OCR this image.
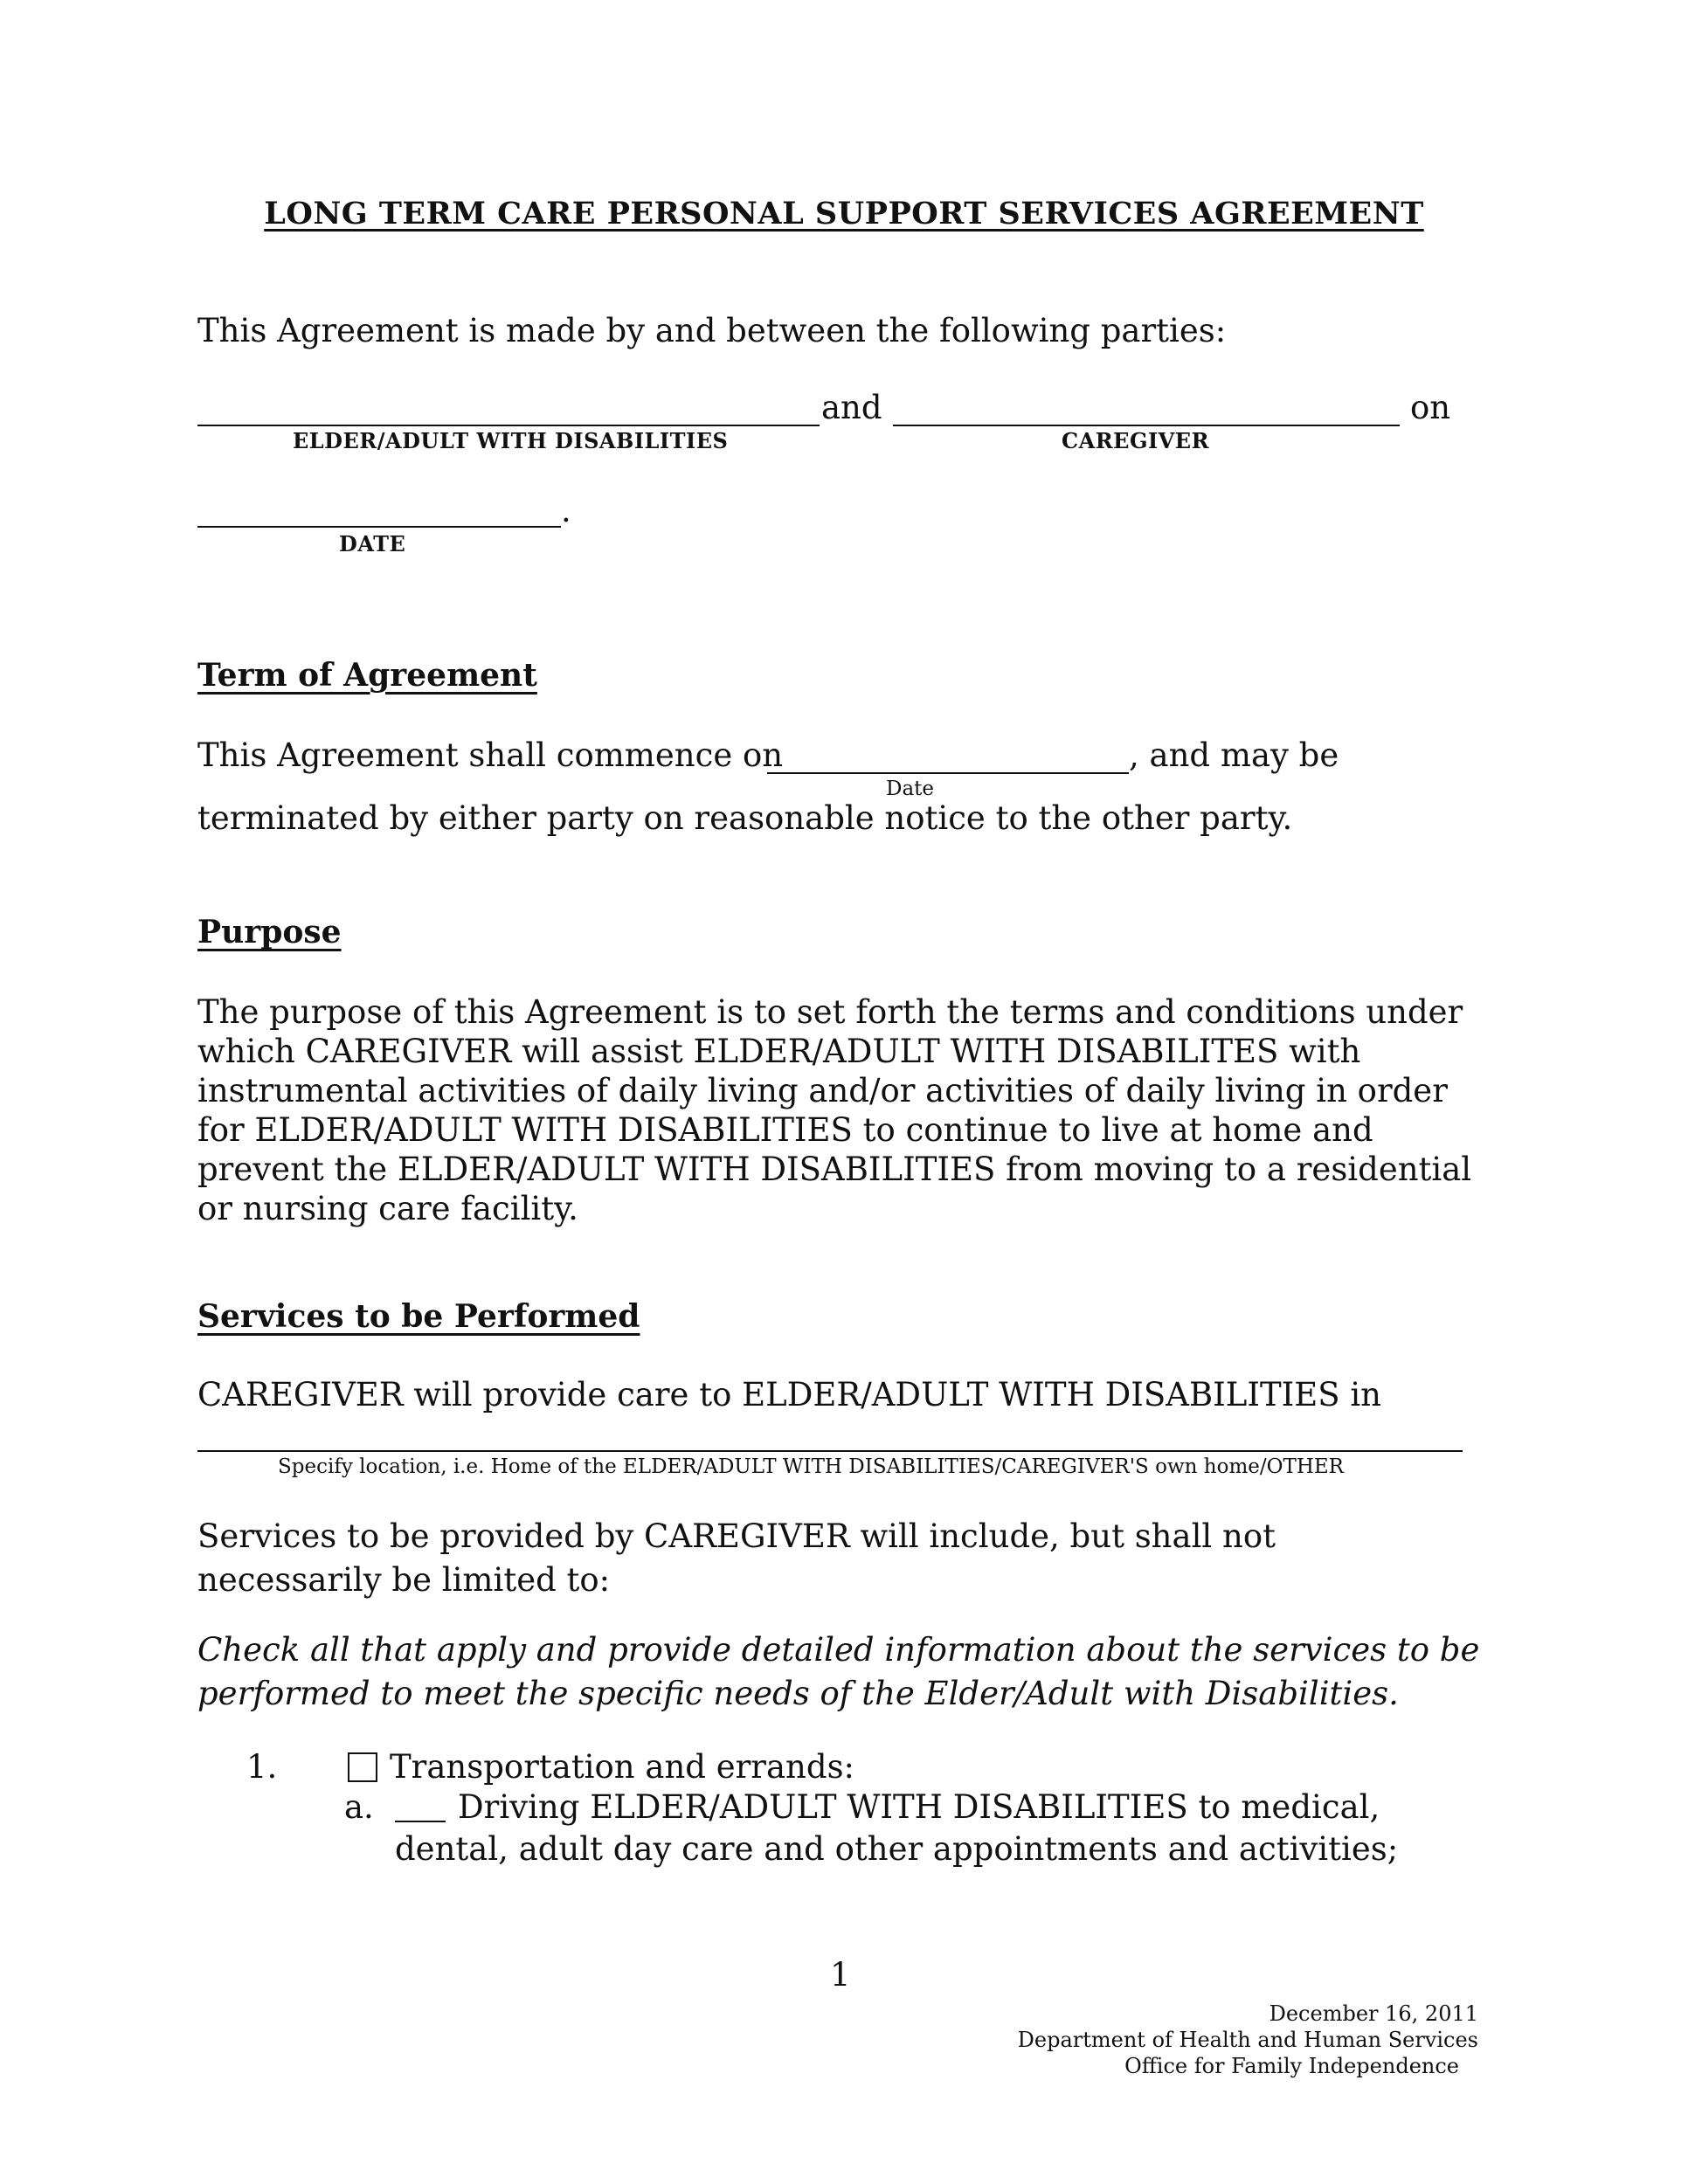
LONG TERM CARE PERSONAL SUPPORT SERVICES AGREEMENT
This Agreement is made by and between the following parties:
and	on
ELDER/ADULT WITH DISABILITIES	CAREGIVER
.
DATE
Term of Agreement
This Agreement shall commence on	, and may be
Date
terminated by either party on reasonable notice to the other party.
Purpose
The purpose of this Agreement is to set forth the terms and conditions under
which CAREGIVER will assist ELDER/ADULT WITH DISABILITES with
instrumental activities of daily living and/or activities of daily living in order
for ELDER/ADULT WITH DISABILITIES to continue to live at home and
prevent the ELDER/ADULT WITH DISABILITIES from moving to a residential
or nursing care facility.
Services to be Performed
CAREGIVER will provide care to ELDER/ADULT WITH DISABILITIES in
Specify location, i.e. Home of the ELDER/ADULT WITH DISABILITIES/CAREGIVER'S own home/OTHER
Services to be provided by CAREGIVER will include, but shall not
necessarily be limited to:
Check all that apply and provide detailed information about the services to be
performed to meet the specific needs of the Elder/Adult with Disabilities.
1.	Transportation and errands:
a.	Driving ELDER/ADULT WITH DISABILITIES to medical,
dental, adult day care and other appointments and activities;
1
December 16, 2011
Department of Health and Human Services
Office for Family Independence
